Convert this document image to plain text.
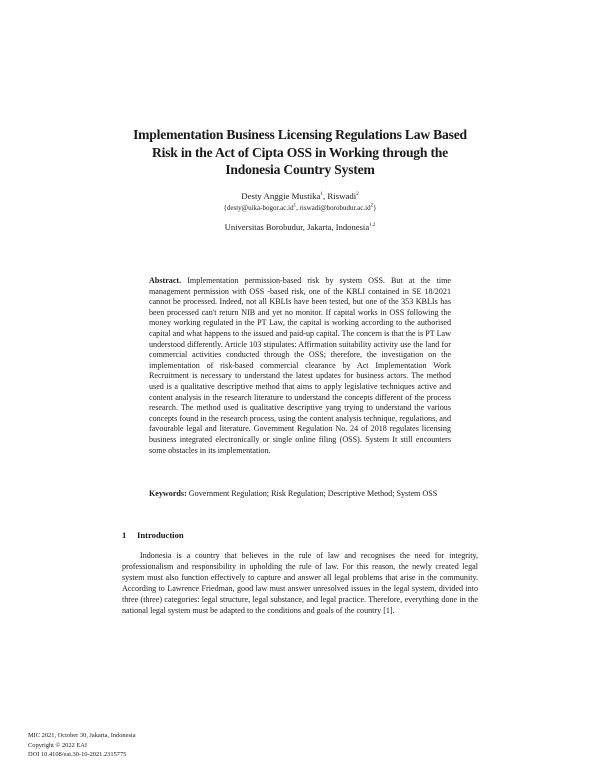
Implementation Business Licensing Regulations Law Based
Risk in the Act of Cipta OSS in Working through the
Indonesia Country System
Desty Anggie Mustika$^1$, Riswadi$^2$
{$desty@uika-bogor.ac.id^1$, $riswadi@borobudur.ac.id^2$}
Universitas Borobudur, Jakarta, Indonesia$^{1,2}$

Abstract. Implementation permission-based risk by system OSS. But at the time management permission with OSS -based risk, one of the KBLI contained in SE 18/2021 cannot be processed. Indeed, not all KBLIs have been tested, but one of the 353 KBLIs has been processed can't return NIB and yet no monitor. If capital works in OSS following the money working regulated in the PT Law, the capital is working according to the authorised capital and what happens to the issued and paid-up capital. The concern is that the is PT Law understood differently. Article 103 stipulates: Affirmation suitability activity use the land for commercial activities conducted through the OSS; therefore, the investigation on the implementation of risk-based commercial clearance by Act Implementation Work Recruitment is necessary to understand the latest updates for business actors. The method used is a qualitative descriptive method that aims to apply legislative techniques active and content analysis in the research literature to understand the concepts different of the process research. The method used is qualitative descriptive yang trying to understand the various concepts found in the research process, using the content analysis technique, regulations, and favourable legal and literature. Government Regulation No. 24 of 2018 regulates licensing business integrated electronically or single online filing (OSS). System It still encounters some obstacles in its implementation.

Keywords: Government Regulation; Risk Regulation; Descriptive Method; System OSS

1 Introduction

Indonesia is a country that believes in the rule of law and recognises the need for integrity, professionalism and responsibility in upholding the rule of law. For this reason, the newly created legal system must also function effectively to capture and answer all legal problems that arise in the community. According to Lawrence Friedman, good law must answer unresolved issues in the legal system, divided into three (three) categories: legal structure, legal substance, and legal practice. Therefore, everything done in the national legal system must be adapted to the conditions and goals of the country [1].

MIC 2021, October 30, Jakarta, Indonesia
Copyright © 2022 EAI
DOI 10.4108/eai.30-10-2021.2315775
